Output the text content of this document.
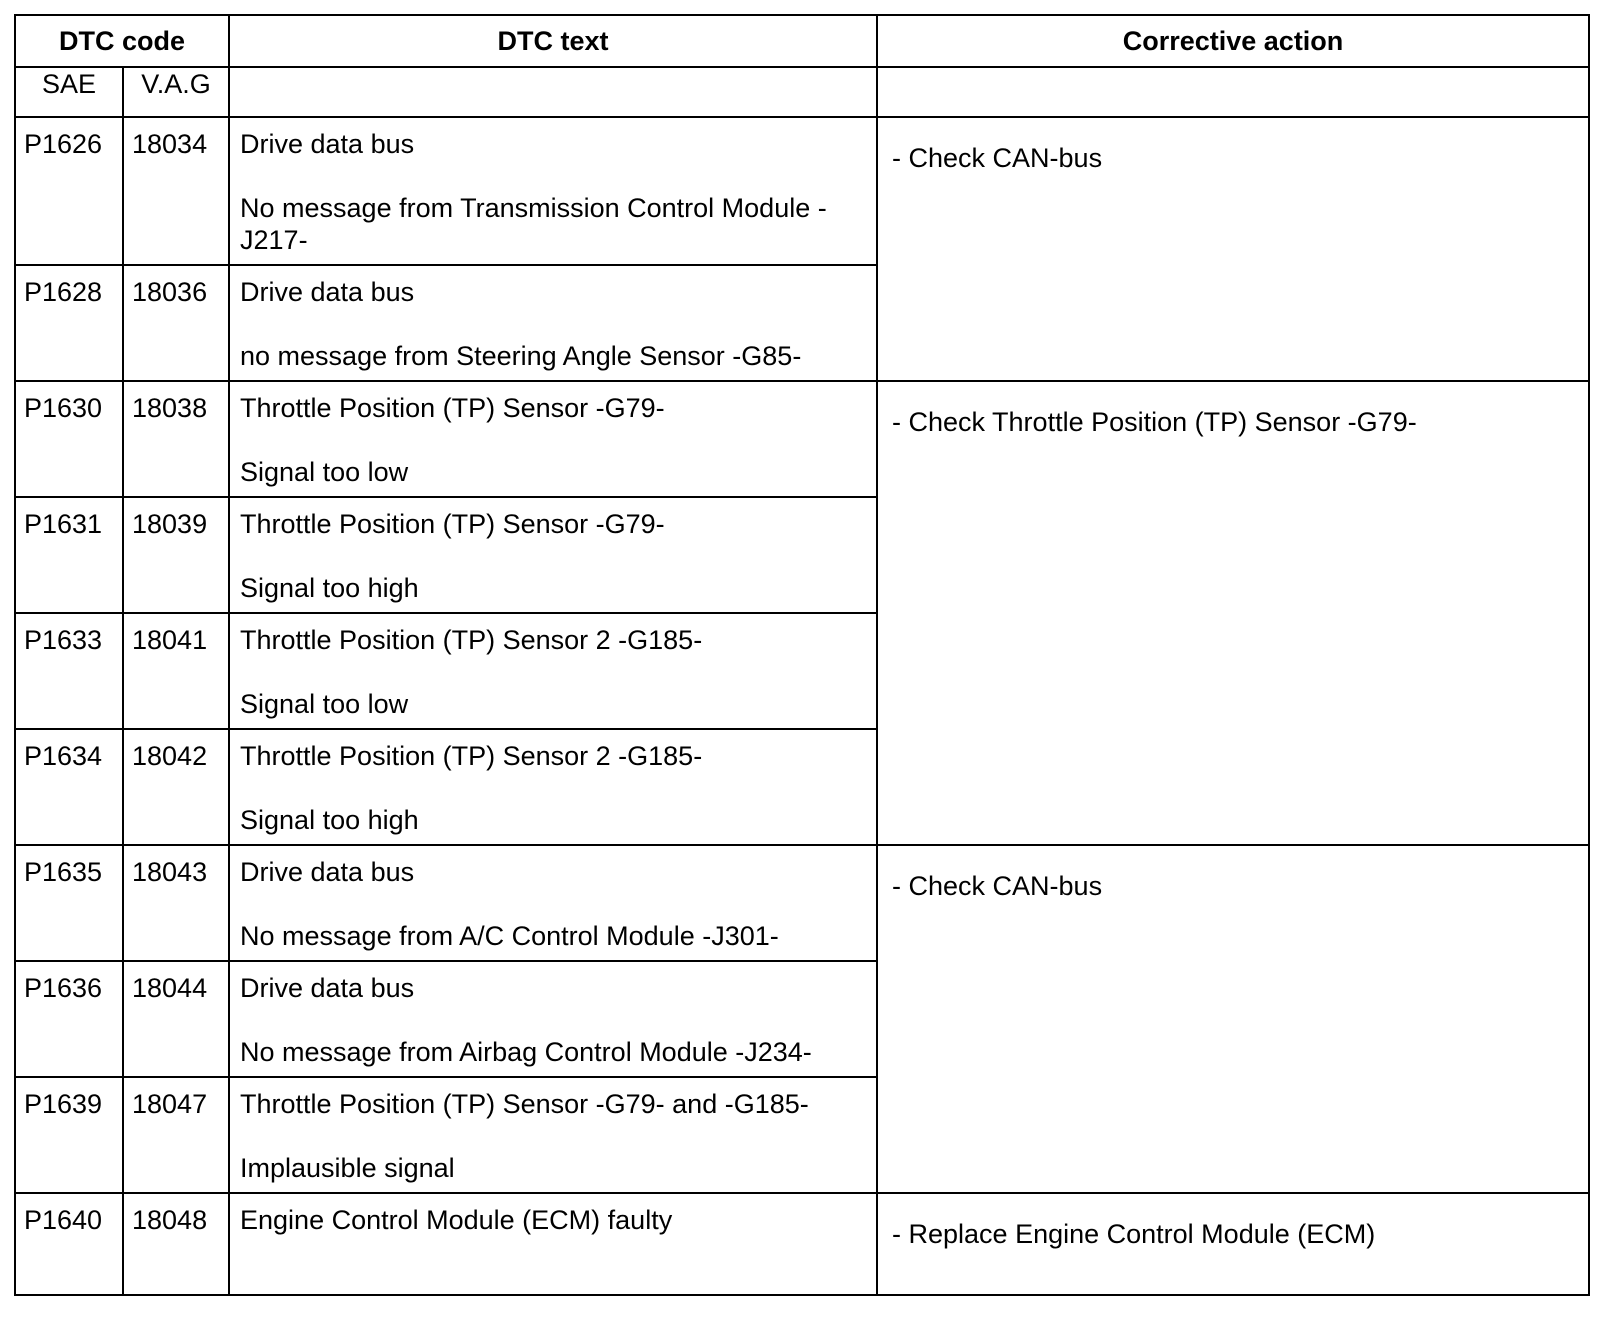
DTC code		DTC text	Corrective action
SAE	V.A.G		
P1626	18034	Drive data bus
No message from Transmission Control Module -J217-	- Check CAN-bus
P1628	18036	Drive data bus
no message from Steering Angle Sensor -G85-	

P1630	18038	Throttle Position (TP) Sensor -G79-
Signal too low	- Check Throttle Position (TP) Sensor -G79-
P1631	18039	Throttle Position (TP) Sensor -G79-
Signal too high	

P1633	18041	Throttle Position (TP) Sensor 2 -G185-
Signal too low	

P1634	18042	Throttle Position (TP) Sensor 2 -G185-
Signal too high	

P1635	18043	Drive data bus
No message from A/C Control Module -J301-	- Check CAN-bus
P1636	18044	Drive data bus
No message from Airbag Control Module -J234-	

P1639	18047	Throttle Position (TP) Sensor -G79- and -G185-
Implausible signal	

P1640	18048	Engine Control Module (ECM) faulty	- Replace Engine Control Module (ECM)
